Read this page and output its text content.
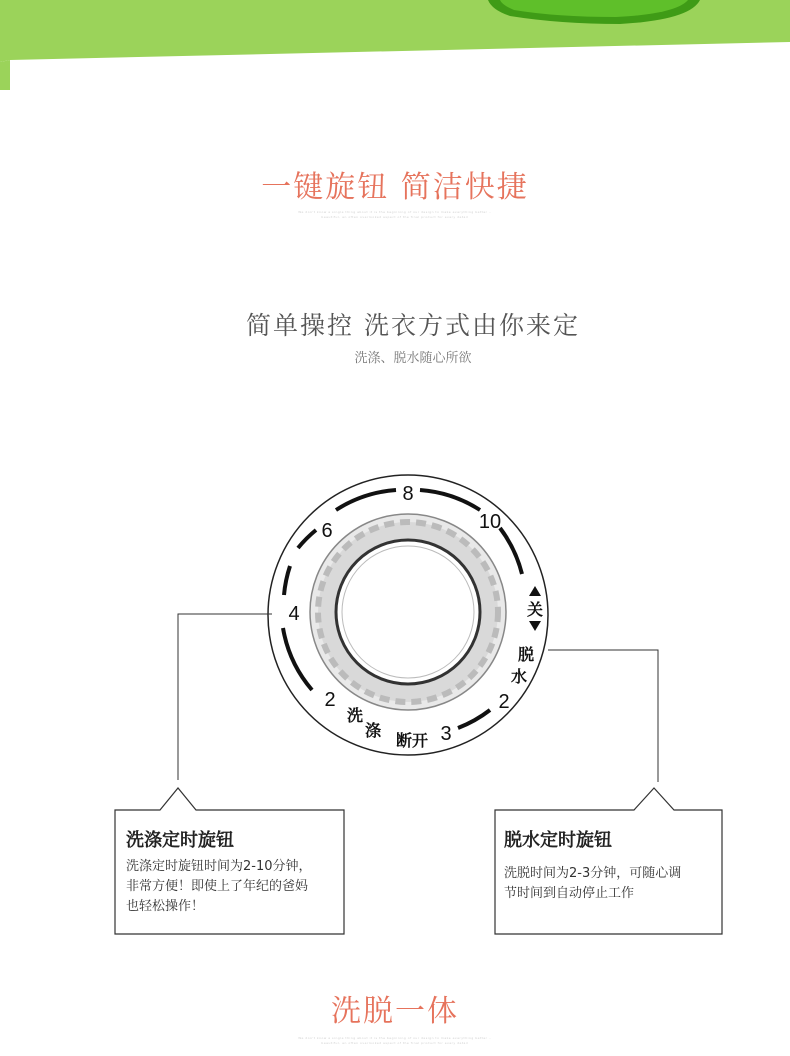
一键旋钮 简洁快捷
We don't know a single thing about it is the beginning of our design to make everything better ..
beautiful, an often overlooked aspect of the final product for every detail
简单操控 洗衣方式由你来定
洗涤、脱水随心所欲
8
10
6
4
2
3
2
关
脱
水
洗
涤
断开
洗涤定时旋钮
洗涤定时旋钮时间为2-10分钟，
非常方便！即使上了年纪的爸妈
也轻松操作！
脱水定时旋钮
洗脱时间为2-3分钟，可随心调
节时间到自动停止工作
洗脱一体
We don't know a single thing about it is the beginning of our design to make everything better ..
beautiful, an often overlooked aspect of the final product for every detail
